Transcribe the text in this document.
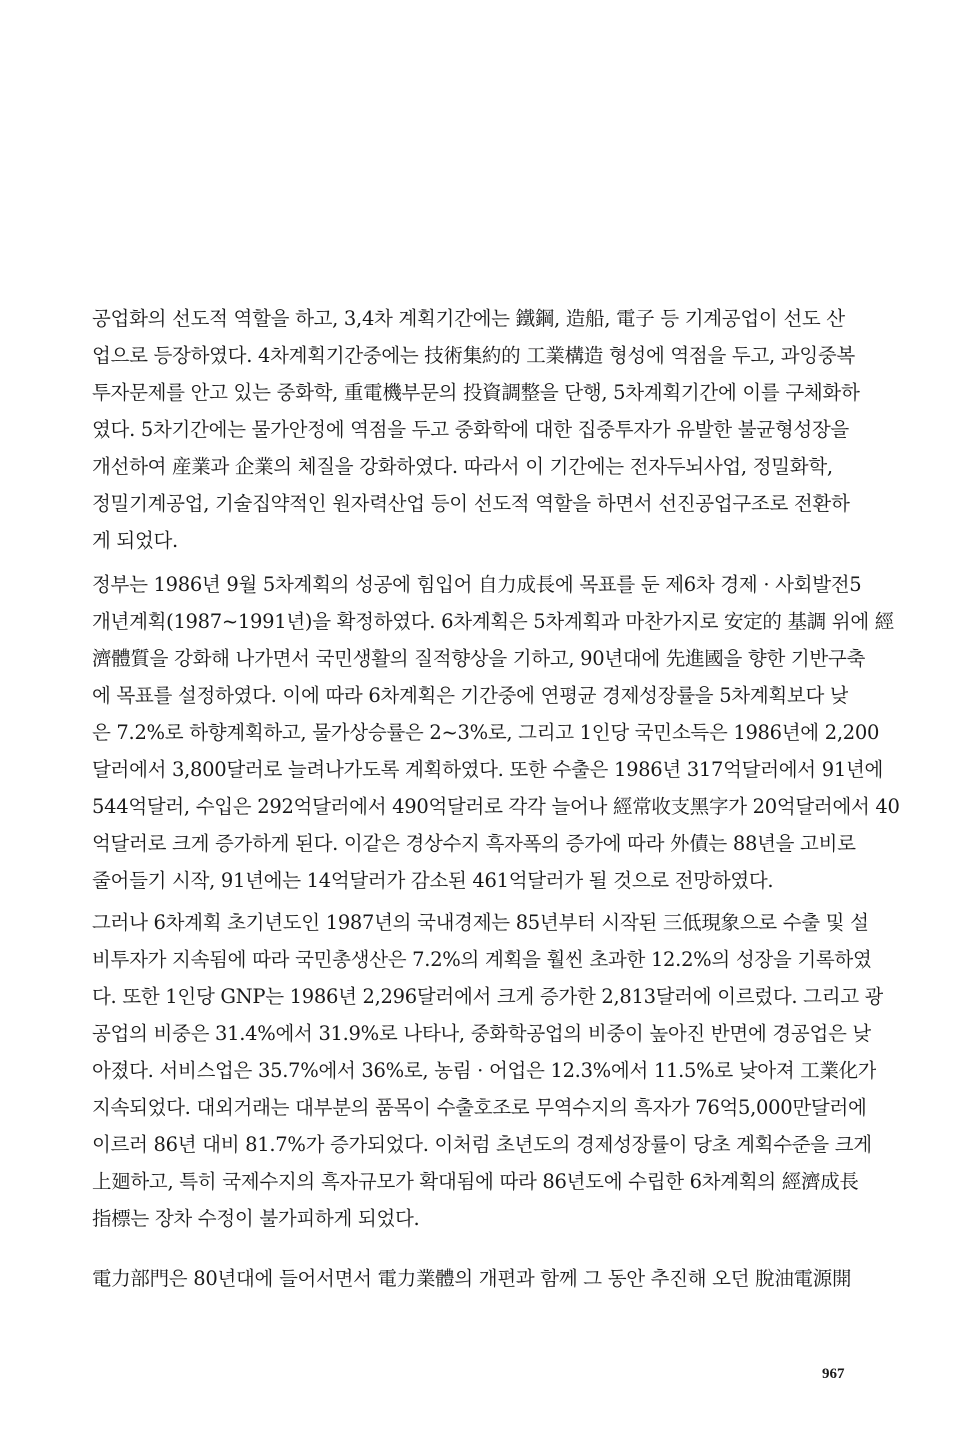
공업화의 선도적 역할을 하고, 3,4차 계획기간에는 鐵鋼, 造船, 電子 등 기계공업이 선도 산
업으로 등장하였다. 4차계획기간중에는 技術集約的 工業構造 형성에 역점을 두고, 과잉중복
투자문제를 안고 있는 중화학, 重電機부문의 投資調整을 단행, 5차계획기간에 이를 구체화하
였다. 5차기간에는 물가안정에 역점을 두고 중화학에 대한 집중투자가 유발한 불균형성장을
개선하여 産業과 企業의 체질을 강화하였다. 따라서 이 기간에는 전자두뇌사업, 정밀화학,
정밀기계공업, 기술집약적인 원자력산업 등이 선도적 역할을 하면서 선진공업구조로 전환하
게 되었다.
정부는 1986년 9월 5차계획의 성공에 힘입어 自力成長에 목표를 둔 제6차 경제 · 사회발전5
개년계획(1987~1991년)을 확정하였다. 6차계획은 5차계획과 마찬가지로 安定的 基調 위에 經
濟體質을 강화해 나가면서 국민생활의 질적향상을 기하고, 90년대에 先進國을 향한 기반구축
에 목표를 설정하였다. 이에 따라 6차계획은 기간중에 연평균 경제성장률을 5차계획보다 낮
은 7.2%로 하향계획하고, 물가상승률은 2~3%로, 그리고 1인당 국민소득은 1986년에 2,200
달러에서 3,800달러로 늘려나가도록 계획하였다. 또한 수출은 1986년 317억달러에서 91년에
544억달러, 수입은 292억달러에서 490억달러로 각각 늘어나 經常收支黑字가 20억달러에서 40
억달러로 크게 증가하게 된다. 이같은 경상수지 흑자폭의 증가에 따라 外債는 88년을 고비로
줄어들기 시작, 91년에는 14억달러가 감소된 461억달러가 될 것으로 전망하였다.
그러나 6차계획 초기년도인 1987년의 국내경제는 85년부터 시작된 三低現象으로 수출 및 설
비투자가 지속됨에 따라 국민총생산은 7.2%의 계획을 훨씬 초과한 12.2%의 성장을 기록하였
다. 또한 1인당 GNP는 1986년 2,296달러에서 크게 증가한 2,813달러에 이르렀다. 그리고 광
공업의 비중은 31.4%에서 31.9%로 나타나, 중화학공업의 비중이 높아진 반면에 경공업은 낮
아졌다. 서비스업은 35.7%에서 36%로, 농림 · 어업은 12.3%에서 11.5%로 낮아져 工業化가
지속되었다. 대외거래는 대부분의 품목이 수출호조로 무역수지의 흑자가 76억5,000만달러에
이르러 86년 대비 81.7%가 증가되었다. 이처럼 초년도의 경제성장률이 당초 계획수준을 크게
上廻하고, 특히 국제수지의 흑자규모가 확대됨에 따라 86년도에 수립한 6차계획의 經濟成長
指標는 장차 수정이 불가피하게 되었다.
電力部門은 80년대에 들어서면서 電力業體의 개편과 함께 그 동안 추진해 오던 脫油電源開
967
